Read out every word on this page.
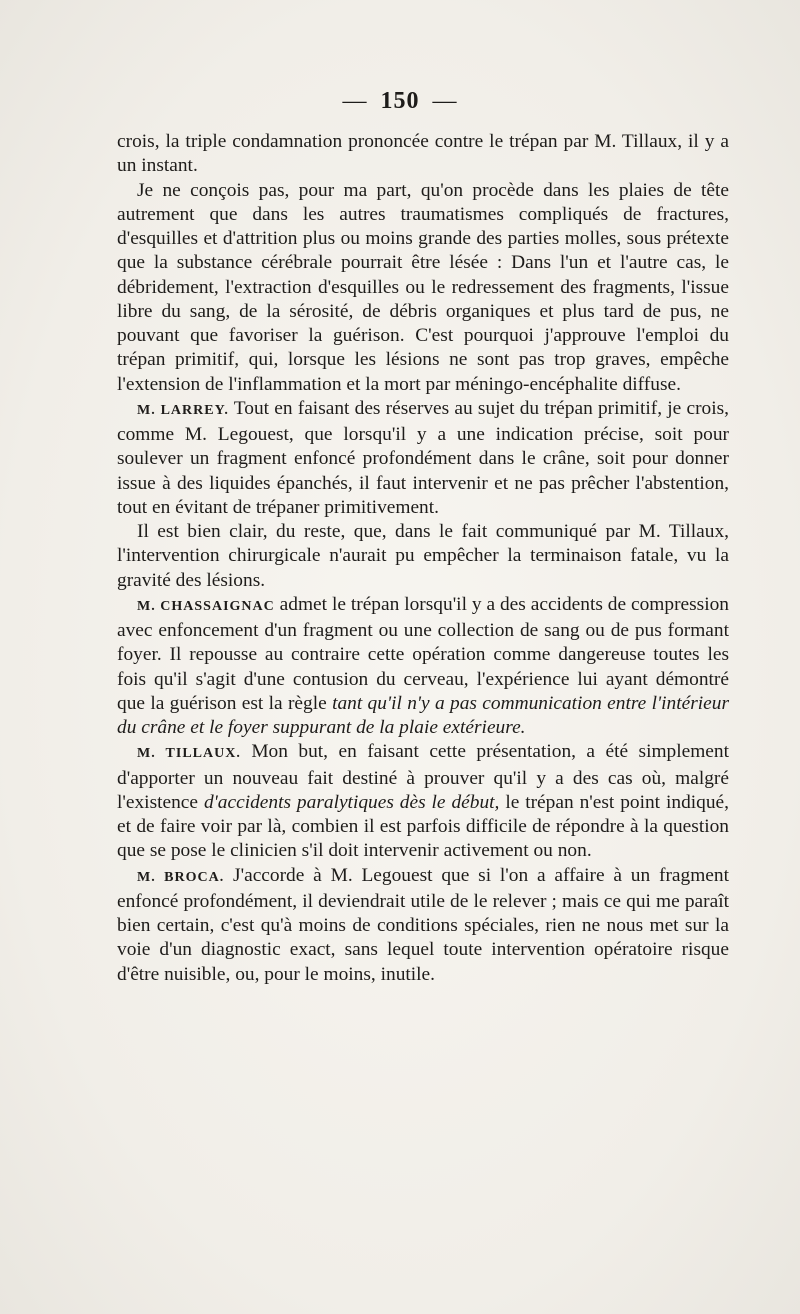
— 150 —

crois, la triple condamnation prononcée contre le trépan par M. Tillaux, il y a un instant.

Je ne conçois pas, pour ma part, qu'on procède dans les plaies de tête autrement que dans les autres traumatismes compliqués de fractures, d'esquilles et d'attrition plus ou moins grande des parties molles, sous prétexte que la substance cérébrale pourrait être lésée : Dans l'un et l'autre cas, le débridement, l'extraction d'esquilles ou le redressement des fragments, l'issue libre du sang, de la sérosité, de débris organiques et plus tard de pus, ne pouvant que favoriser la guérison. C'est pourquoi j'approuve l'emploi du trépan primitif, qui, lorsque les lésions ne sont pas trop graves, empêche l'extension de l'inflammation et la mort par méningo-encéphalite diffuse.

M. LARREY. Tout en faisant des réserves au sujet du trépan primitif, je crois, comme M. Legouest, que lorsqu'il y a une indication précise, soit pour soulever un fragment enfoncé profondément dans le crâne, soit pour donner issue à des liquides épanchés, il faut intervenir et ne pas prêcher l'abstention, tout en évitant de trépaner primitivement.

Il est bien clair, du reste, que, dans le fait communiqué par M. Tillaux, l'intervention chirurgicale n'aurait pu empêcher la terminaison fatale, vu la gravité des lésions.

M. CHASSAIGNAC admet le trépan lorsqu'il y a des accidents de compression avec enfoncement d'un fragment ou une collection de sang ou de pus formant foyer. Il repousse au contraire cette opération comme dangereuse toutes les fois qu'il s'agit d'une contusion du cerveau, l'expérience lui ayant démontré que la guérison est la règle tant qu'il n'y a pas communication entre l'intérieur du crâne et le foyer suppurant de la plaie extérieure.

M. TILLAUX. Mon but, en faisant cette présentation, a été simplement d'apporter un nouveau fait destiné à prouver qu'il y a des cas où, malgré l'existence d'accidents paralytiques dès le début, le trépan n'est point indiqué, et de faire voir par là, combien il est parfois difficile de répondre à la question que se pose le clinicien s'il doit intervenir activement ou non.

M. BROCA. J'accorde à M. Legouest que si l'on a affaire à un fragment enfoncé profondément, il deviendrait utile de le relever ; mais ce qui me paraît bien certain, c'est qu'à moins de conditions spéciales, rien ne nous met sur la voie d'un diagnostic exact, sans lequel toute intervention opératoire risque d'être nuisible, ou, pour le moins, inutile.
